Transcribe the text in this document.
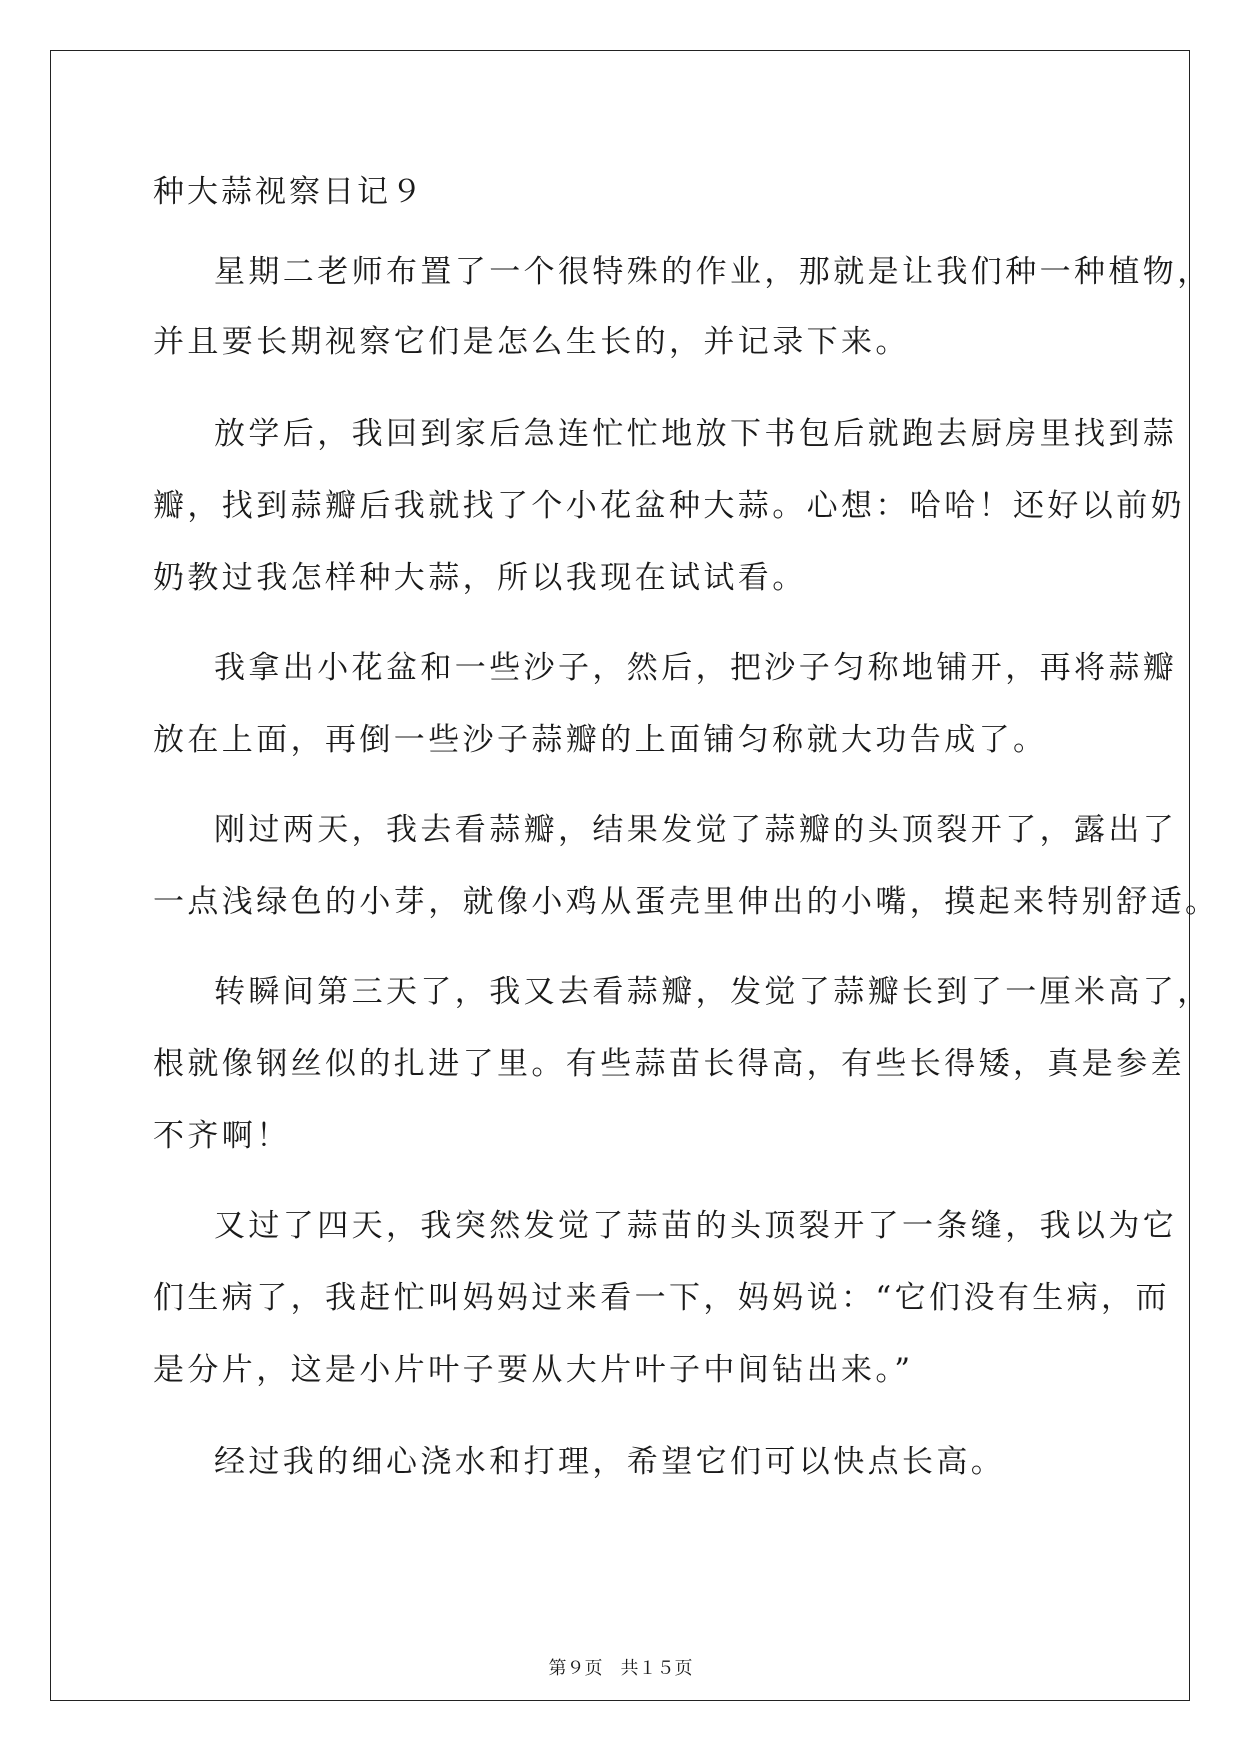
种大蒜视察日记９
星期二老师布置了一个很特殊的作业，那就是让我们种一种植物，
并且要长期视察它们是怎么生长的，并记录下来。
放学后，我回到家后急连忙忙地放下书包后就跑去厨房里找到蒜
瓣，找到蒜瓣后我就找了个小花盆种大蒜。心想：哈哈！还好以前奶
奶教过我怎样种大蒜，所以我现在试试看。
我拿出小花盆和一些沙子，然后，把沙子匀称地铺开，再将蒜瓣
放在上面，再倒一些沙子蒜瓣的上面铺匀称就大功告成了。
刚过两天，我去看蒜瓣，结果发觉了蒜瓣的头顶裂开了，露出了
一点浅绿色的小芽，就像小鸡从蛋壳里伸出的小嘴，摸起来特别舒适。
转瞬间第三天了，我又去看蒜瓣，发觉了蒜瓣长到了一厘米高了，
根就像钢丝似的扎进了里。有些蒜苗长得高，有些长得矮，真是参差
不齐啊！
又过了四天，我突然发觉了蒜苗的头顶裂开了一条缝，我以为它
们生病了，我赶忙叫妈妈过来看一下，妈妈说：“它们没有生病，而
是分片，这是小片叶子要从大片叶子中间钻出来。”
经过我的细心浇水和打理，希望它们可以快点长高。
第９页 共１５页
